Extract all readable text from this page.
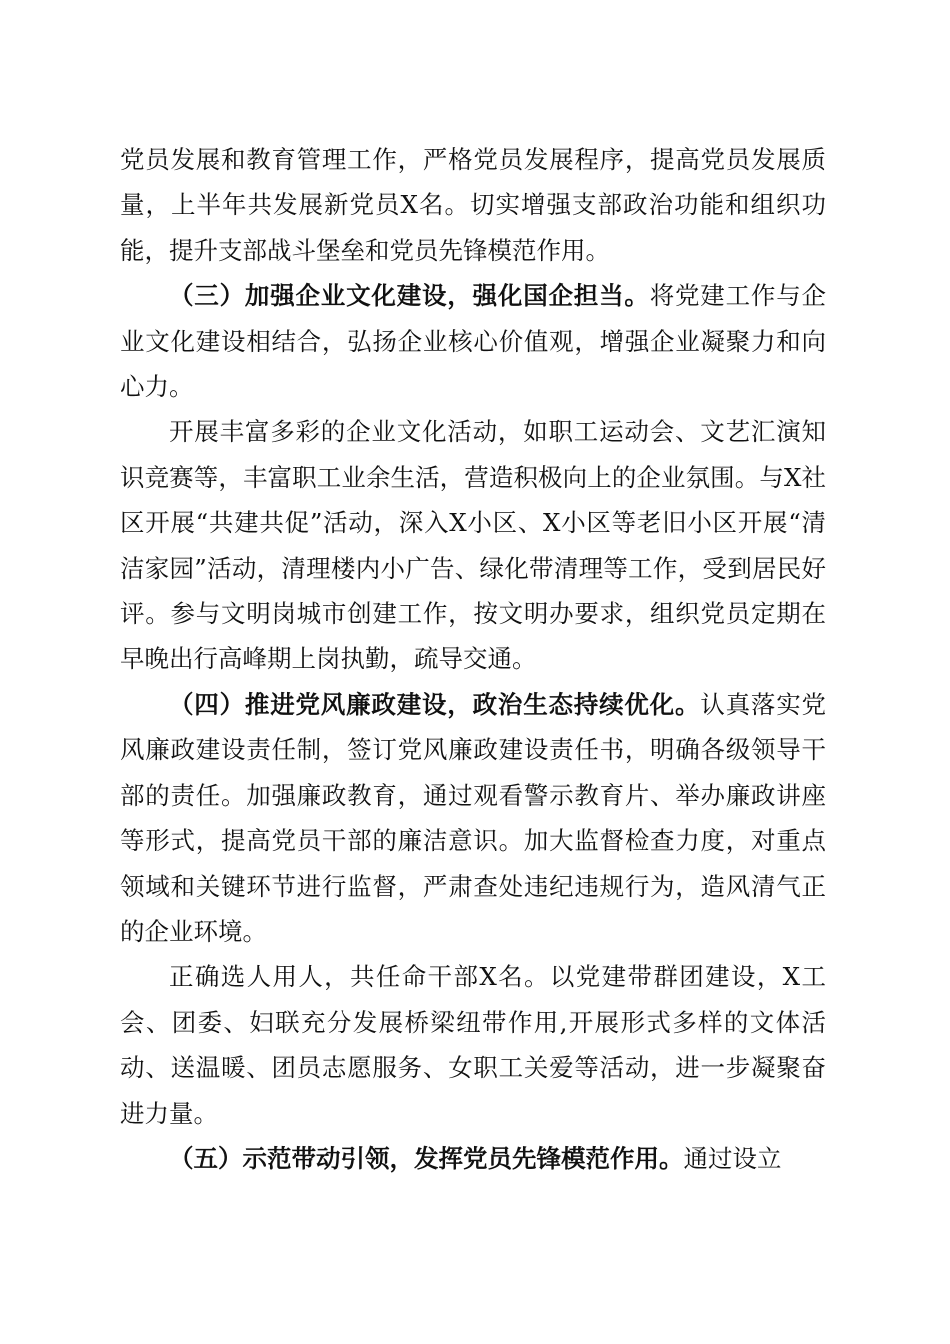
党员发展和教育管理工作，严格党员发展程序，提高党员发展质量，上半年共发展新党员X名。切实增强支部政治功能和组织功能，提升支部战斗堡垒和党员先锋模范作用。

（三）加强企业文化建设，强化国企担当。将党建工作与企业文化建设相结合，弘扬企业核心价值观，增强企业凝聚力和向心力。

开展丰富多彩的企业文化活动，如职工运动会、文艺汇演知识竞赛等，丰富职工业余生活，营造积极向上的企业氛围。与X社区开展“共建共促”活动，深入X小区、X小区等老旧小区开展“清洁家园”活动，清理楼内小广告、绿化带清理等工作，受到居民好评。参与文明岗城市创建工作，按文明办要求，组织党员定期在早晚出行高峰期上岗执勤，疏导交通。

（四）推进党风廉政建设，政治生态持续优化。认真落实党风廉政建设责任制，签订党风廉政建设责任书，明确各级领导干部的责任。加强廉政教育，通过观看警示教育片、举办廉政讲座等形式，提高党员干部的廉洁意识。加大监督检查力度，对重点领域和关键环节进行监督，严肃查处违纪违规行为，造风清气正的企业环境。

正确选人用人，共任命干部X名。以党建带群团建设，X工会、团委、妇联充分发展桥梁纽带作用,开展形式多样的文体活动、送温暖、团员志愿服务、女职工关爱等活动，进一步凝聚奋进力量。

（五）示范带动引领，发挥党员先锋模范作用。通过设立
